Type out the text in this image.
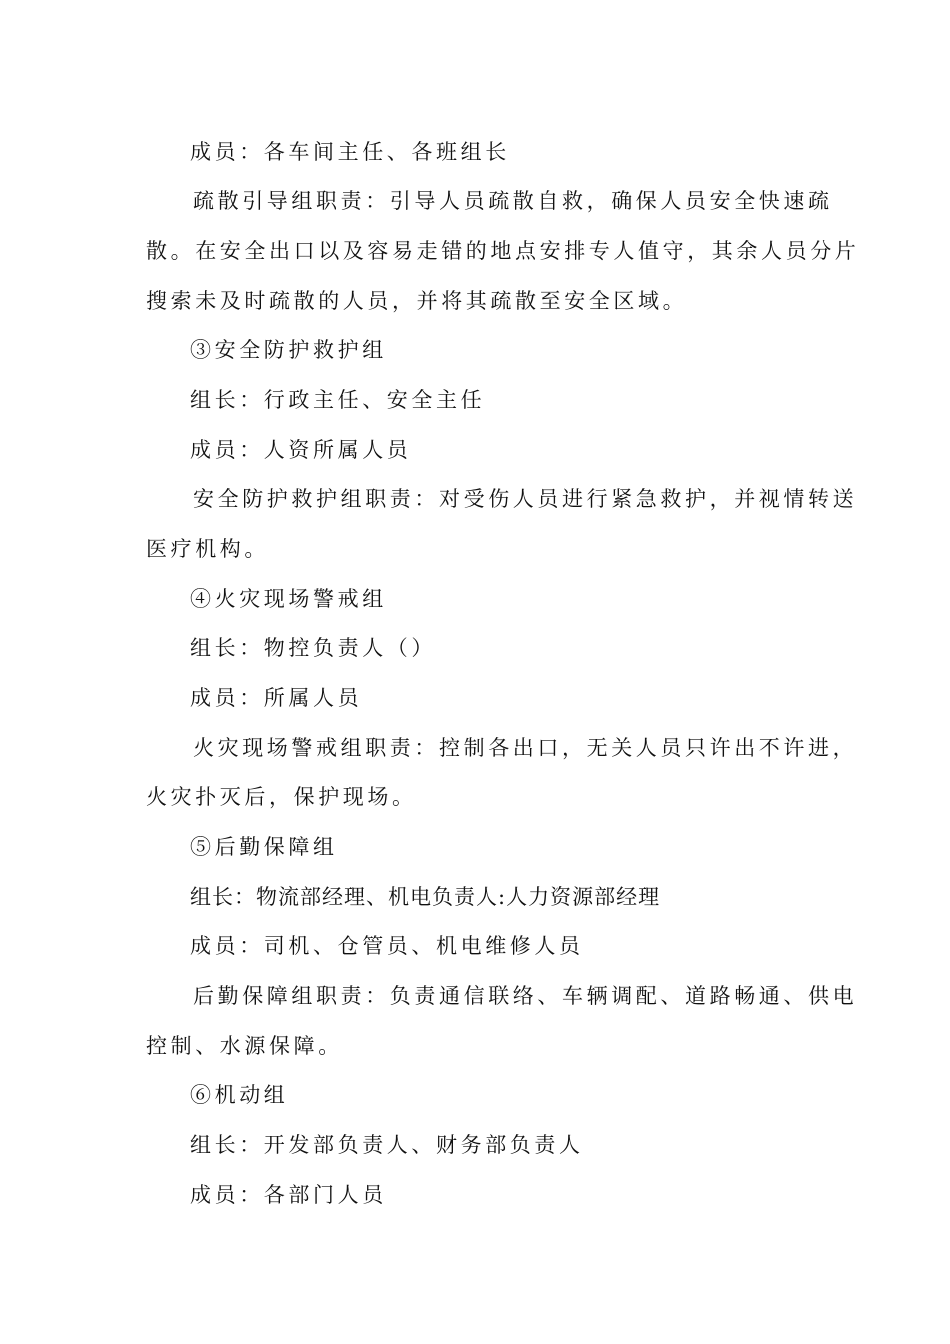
成员：各车间主任、各班组长
疏散引导组职责：引导人员疏散自救，确保人员安全快速疏
散。在安全出口以及容易走错的地点安排专人值守，其余人员分片
搜索未及时疏散的人员，并将其疏散至安全区域。
③安全防护救护组
组长：行政主任、安全主任
成员：人资所属人员
安全防护救护组职责：对受伤人员进行紧急救护，并视情转送
医疗机构。
④火灾现场警戒组
组长：物控负责人（）
成员：所属人员
火灾现场警戒组职责：控制各出口，无关人员只许出不许进，
火灾扑灭后，保护现场。
⑤后勤保障组
组长：物流部经理、机电负责人:人力资源部经理
成员：司机、仓管员、机电维修人员
后勤保障组职责：负责通信联络、车辆调配、道路畅通、供电
控制、水源保障。
⑥机动组
组长：开发部负责人、财务部负责人
成员：各部门人员
